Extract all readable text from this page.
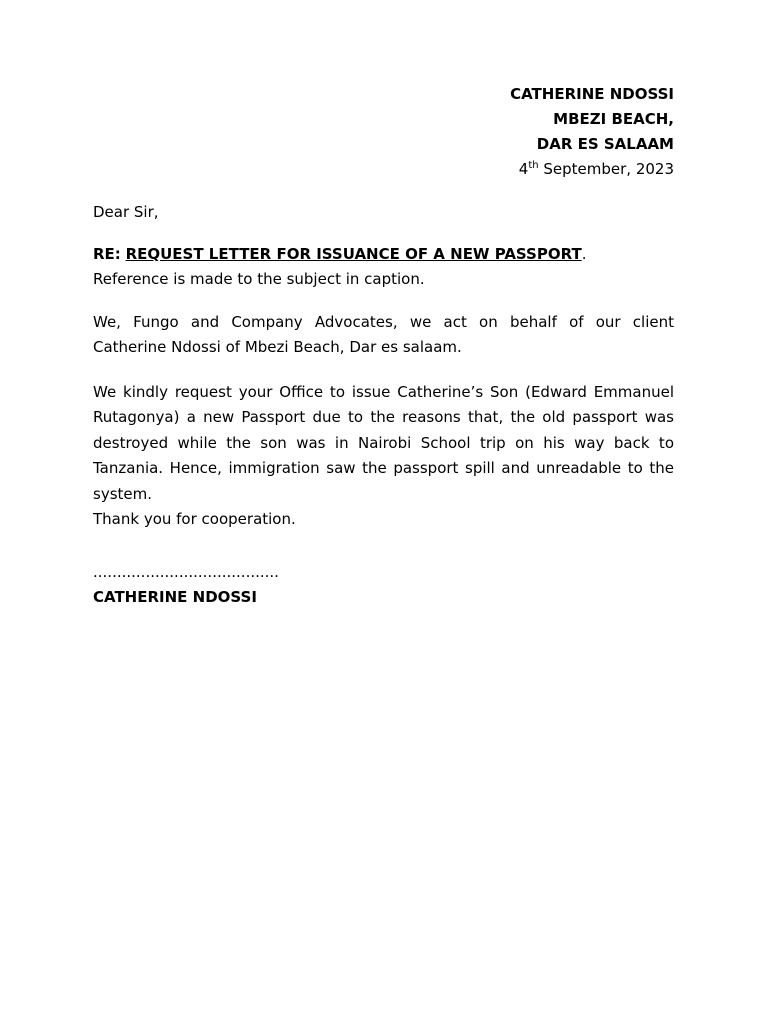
CATHERINE NDOSSI
MBEZI BEACH,
DAR ES SALAAM
4th September, 2023
Dear Sir,
RE: REQUEST LETTER FOR ISSUANCE OF A NEW PASSPORT.
Reference is made to the subject in caption.
We, Fungo and Company Advocates, we act on behalf of our client
Catherine Ndossi of Mbezi Beach, Dar es salaam.
We kindly request your Office to issue Catherine’s Son (Edward Emmanuel Rutagonya) a new Passport due to the reasons that, the old passport was destroyed while the son was in Nairobi School trip on his way back to Tanzania. Hence, immigration saw the passport spill and unreadable to the system.
Thank you for cooperation.
.......................................
CATHERINE NDOSSI
